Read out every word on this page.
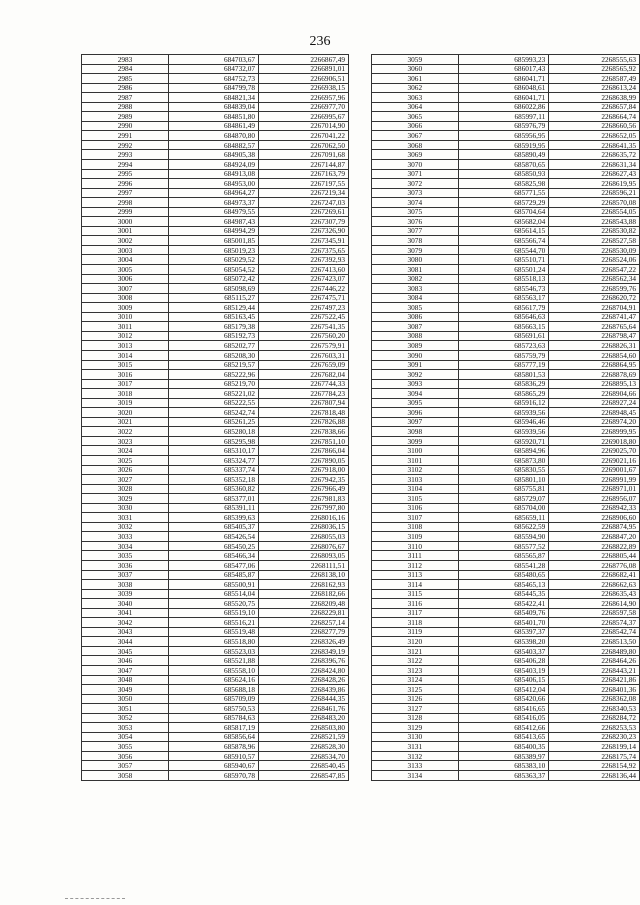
236
2983	684703,67	2266867,49
2984	684732,07	2266891,01
2985	684752,73	2266906,51
2986	684799,78	2266938,15
2987	684821,34	2266957,96
2988	684839,04	2266977,70
2989	684851,80	2266995,67
2990	684861,49	2267014,90
2991	684870,80	2267041,22
2992	684882,57	2267062,50
2993	684905,38	2267091,68
2994	684924,09	2267144,87
2995	684913,08	2267163,79
2996	684953,00	2267197,55
2997	684964,27	2267219,34
2998	684973,37	2267247,03
2999	684979,55	2267269,61
3000	684987,43	2267307,79
3001	684994,29	2267326,90
3002	685001,85	2267345,91
3003	685019,23	2267375,65
3004	685029,52	2267392,93
3005	685054,52	2267413,60
3006	685072,42	2267423,07
3007	685098,69	2267446,22
3008	685115,27	2267475,71
3009	685129,44	2267497,23
3010	685163,45	2267522,45
3011	685179,38	2267541,35
3012	685192,73	2267560,20
3013	685202,77	2267579,91
3014	685208,30	2267603,31
3015	685219,57	2267659,09
3016	685222,96	2267682,04
3017	685219,70	2267744,33
3018	685221,02	2267784,23
3019	685222,55	2267807,94
3020	685242,74	2267818,48
3021	685261,25	2267826,88
3022	685280,18	2267838,66
3023	685295,98	2267851,10
3024	685310,17	2267866,04
3025	685324,77	2267890,05
3026	685337,74	2267918,00
3027	685352,18	2267942,35
3028	685360,82	2267966,49
3029	685377,01	2267981,83
3030	685391,11	2267997,80
3031	685399,63	2268016,16
3032	685405,37	2268036,15
3033	685426,54	2268055,03
3034	685450,25	2268076,67
3035	685466,34	2268093,05
3036	685477,06	2268111,51
3037	685485,87	2268138,10
3038	685500,91	2268162,93
3039	685514,04	2268182,66
3040	685520,75	2268209,48
3041	685519,10	2268229,81
3042	685516,21	2268257,14
3043	685519,48	2268277,79
3044	685518,80	2268326,49
3045	685523,03	2268349,19
3046	685521,88	2268396,76
3047	685558,10	2268424,80
3048	685624,16	2268428,26
3049	685688,18	2268439,86
3050	685709,09	2268444,35
3051	685750,53	2268461,76
3052	685784,63	2268483,20
3053	685817,19	2268503,80
3054	685856,64	2268521,59
3055	685878,96	2268528,30
3056	685910,57	2268534,70
3057	685940,67	2268540,45
3058	685970,78	2268547,85
3059	685993,23	2268555,63
3060	686017,43	2268565,92
3061	686041,71	2268587,49
3062	686048,61	2268613,24
3063	686041,71	2268638,99
3064	686022,86	2268657,84
3065	685997,11	2268664,74
3066	685976,79	2268660,56
3067	685956,95	2268652,05
3068	685919,95	2268641,35
3069	685890,49	2268635,72
3070	685870,65	2268631,34
3071	685850,93	2268627,43
3072	685825,98	2268619,95
3073	685771,55	2268596,21
3074	685729,29	2268570,08
3075	685704,64	2268554,05
3076	685682,04	2268543,88
3077	685614,15	2268530,82
3078	685566,74	2268527,58
3079	685544,70	2268530,09
3080	685510,71	2268524,06
3081	685501,24	2268547,22
3082	685518,13	2268562,34
3083	685546,73	2268599,76
3084	685563,17	2268620,72
3085	685617,79	2268704,91
3086	685646,63	2268741,47
3087	685663,15	2268765,64
3088	685691,61	2268798,47
3089	685723,63	2268826,31
3090	685759,79	2268854,60
3091	685777,19	2268864,95
3092	685801,53	2268878,69
3093	685836,29	2268895,13
3094	685865,29	2268904,66
3095	685916,12	2268927,24
3096	685939,56	2268948,45
3097	685946,46	2268974,20
3098	685939,56	2268999,95
3099	685920,71	2269018,80
3100	685894,96	2269025,70
3101	685873,80	2269021,16
3102	685830,55	2269001,67
3103	685801,10	2268991,99
3104	685755,81	2268971,01
3105	685729,07	2268956,07
3106	685704,00	2268942,33
3107	685659,11	2268906,60
3108	685622,59	2268874,95
3109	685594,90	2268847,20
3110	685577,52	2268822,89
3111	685565,87	2268805,44
3112	685541,28	2268776,08
3113	685480,65	2268682,41
3114	685465,13	2268662,63
3115	685445,35	2268635,43
3116	685422,41	2268614,90
3117	685409,76	2268597,58
3118	685401,70	2268574,37
3119	685397,37	2268542,74
3120	685398,20	2268513,50
3121	685403,37	2268489,80
3122	685406,28	2268464,26
3123	685403,19	2268443,21
3124	685406,15	2268421,86
3125	685412,04	2268401,36
3126	685420,66	2268362,08
3127	685416,65	2268340,53
3128	685416,05	2268284,72
3129	685412,66	2268253,53
3130	685413,65	2268230,23
3131	685400,35	2268199,14
3132	685389,97	2268175,74
3133	685383,10	2268154,92
3134	685363,37	2268136,44
